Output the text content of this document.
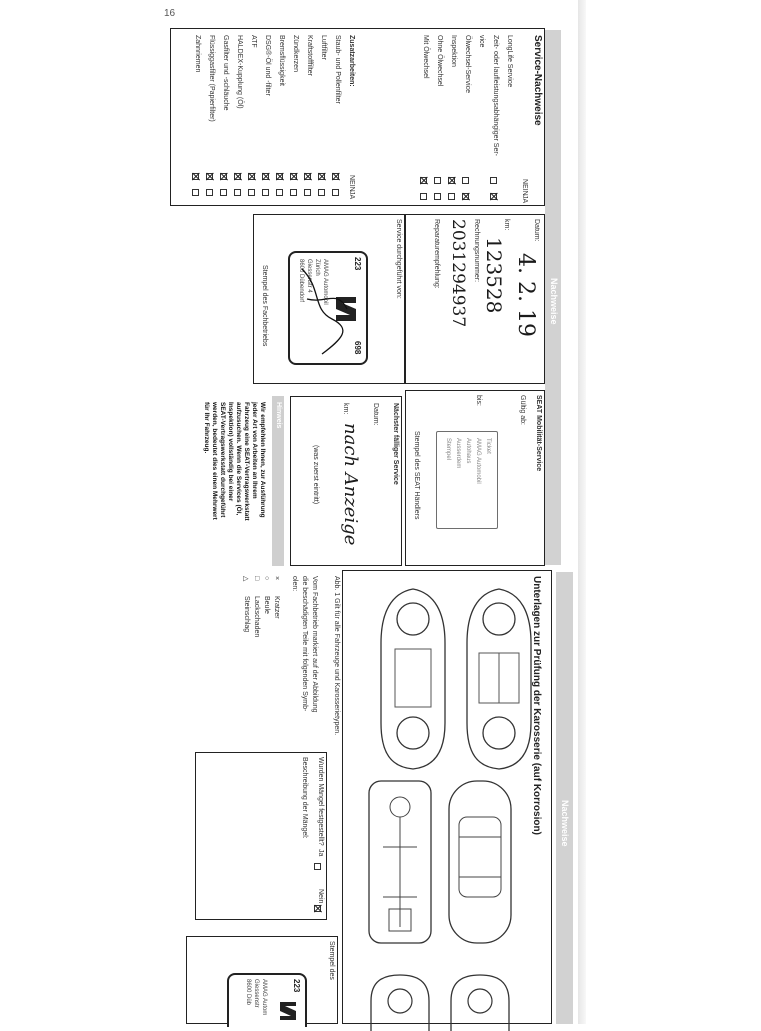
16
Nachweise
Service-Nachweise
JA
NEIN
LongLife Service
Zeit- oder laufleistungsabhängiger Ser-
vice
Ölwechsel-Service
Inspektion
Ohne Ölwechsel
Mit Ölwechsel
Zusatzarbeiten:
JA
NEIN
Staub- und Pollenfilter
Luftfilter
Kraftstofffilter
Zündkerzen
Bremsflüssigkeit
DSG®-Öl und -filter
ATF
HALDEX-Kupplung (Öl)
Gasfilter und -schläuche
Flüssiggasfilter (Papierfilter)
Zahnriemen
Datum:
4. 2. 19
km:
123528
Rechnungsnummer:
2031294937
Reparaturempfehlung:
Service durchgeführt von:
223
698
AMAG Automobil
Zürich
Giessenstr 4
8600 Dübendorf
Stempel des Fachbetriebs
SEAT Mobilität-Service
Gültig ab:
bis:
Ticket
AMAG Automobil
Autohaus
Ausserdem
Stempel
Stempel des SEAT Händlers
Nächster fälliger Service
Datum:
km:
nach Anzeige
(was zuerst eintritt)
Hinweis
Nachweise
Unterlagen zur Prüfung der Karosserie (auf Korrosion)
Abb. 1 Gilt für alle Fahrzeuge und Karosserietypen.
Vom Fachbetrieb markiert auf der Abbildung
die beschädigten Teile mit folgenden Symb-
olen:
Wurden Mängel festgestellt?
Ja
Nein
Beschreibung der Mängel:
Stempel des
223
AMAG Autom
Giessenstr
8600 Düb
Wir empfehlen Ihnen, zur Ausführung
jeder Art von Arbeiten an Ihrem
Fahrzeug eine SEAT-Vertragswerkstatt
aufzusuchen. Wenn die Services (Öl,
Inspektion) vollständig bei einer
SEAT-Vertragswerkstatt durchgeführt
werden, bedeutet dies einen Mehrwert
für Ihr Fahrzeug.
×
Kratzer
○
Beule
□
Lackschaden
△
Steinschlag
